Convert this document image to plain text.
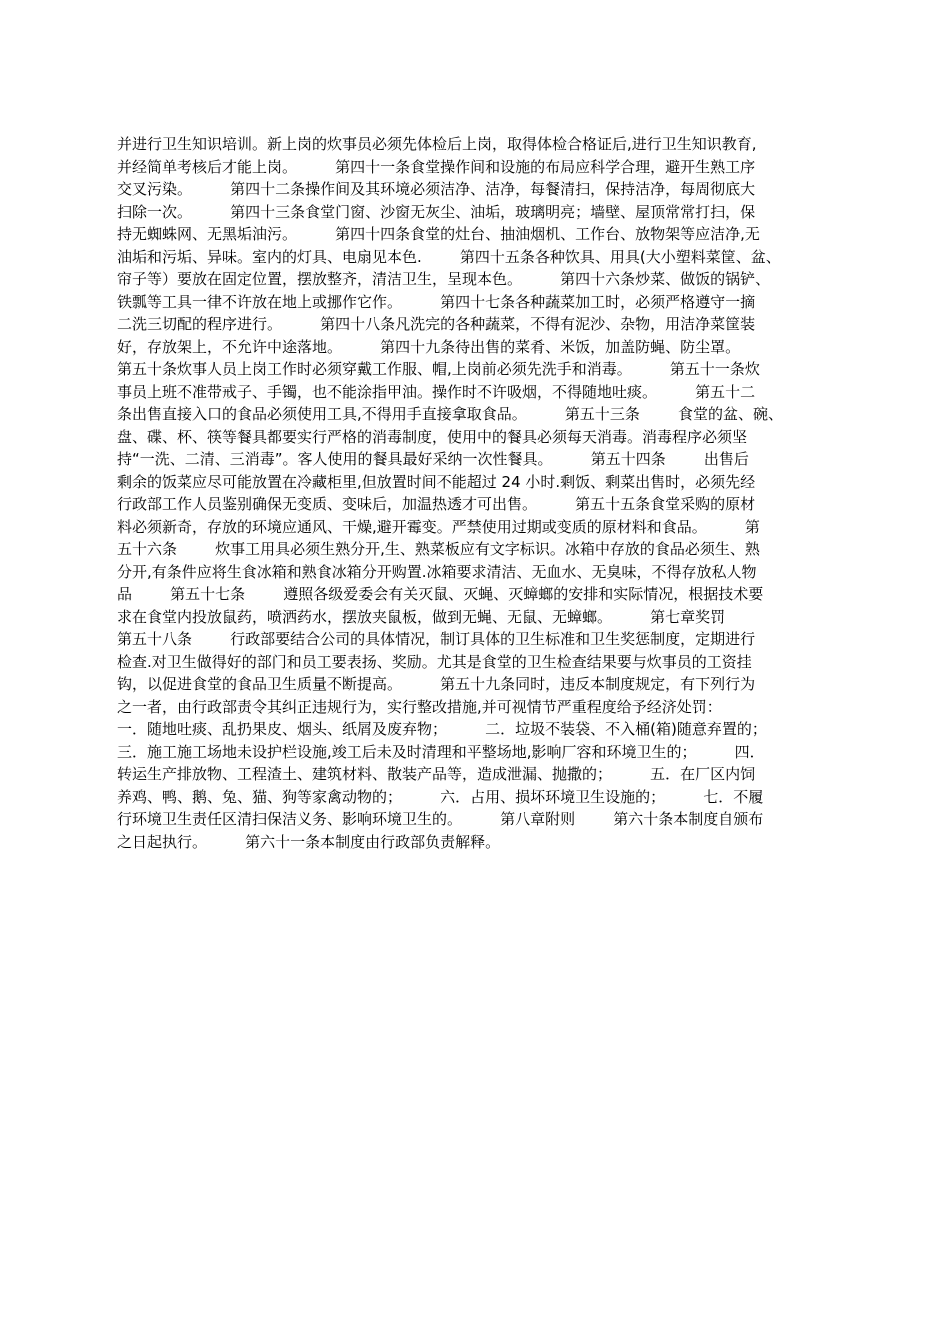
并进行卫生知识培训。新上岗的炊事员必须先体检后上岗，取得体检合格证后,进行卫生知识教育,
并经简单考核后才能上岗。        第四十一条食堂操作间和设施的布局应科学合理，避开生熟工序
交叉污染。        第四十二条操作间及其环境必须洁净、洁净，每餐清扫，保持洁净，每周彻底大
扫除一次。        第四十三条食堂门窗、沙窗无灰尘、油垢，玻璃明亮；墙壁、屋顶常常打扫，保
持无蜘蛛网、无黑垢油污。        第四十四条食堂的灶台、抽油烟机、工作台、放物架等应洁净,无
油垢和污垢、异味。室内的灯具、电扇见本色.        第四十五条各种饮具、用具(大小塑料菜筐、盆、
帘子等）要放在固定位置，摆放整齐，清洁卫生，呈现本色。        第四十六条炒菜、做饭的锅铲、
铁瓢等工具一律不许放在地上或挪作它作。        第四十七条各种蔬菜加工时，必须严格遵守一摘
二洗三切配的程序进行。        第四十八条凡洗完的各种蔬菜，不得有泥沙、杂物，用洁净菜筐装
好，存放架上，不允许中途落地。        第四十九条待出售的菜肴、米饭，加盖防蝇、防尘罩。
第五十条炊事人员上岗工作时必须穿戴工作服、帽,上岗前必须先洗手和消毒。        第五十一条炊
事员上班不准带戒子、手镯，也不能涂指甲油。操作时不许吸烟，不得随地吐痰。        第五十二
条出售直接入口的食品必须使用工具,不得用手直接拿取食品。        第五十三条        食堂的盆、碗、
盘、碟、杯、筷等餐具都要实行严格的消毒制度，使用中的餐具必须每天消毒。消毒程序必须坚
持“一洗、二清、三消毒”。客人使用的餐具最好采纳一次性餐具。        第五十四条        出售后
剩余的饭菜应尽可能放置在冷藏柜里,但放置时间不能超过 24 小时.剩饭、剩菜出售时，必须先经
行政部工作人员鉴别确保无变质、变味后，加温热透才可出售。        第五十五条食堂采购的原材
料必须新奇，存放的环境应通风、干燥,避开霉变。严禁使用过期或变质的原材料和食品。        第
五十六条        炊事工用具必须生熟分开,生、熟菜板应有文字标识。冰箱中存放的食品必须生、熟
分开,有条件应将生食冰箱和熟食冰箱分开购置.冰箱要求清洁、无血水、无臭味，不得存放私人物
品        第五十七条        遵照各级爱委会有关灭鼠、灭蝇、灭蟑螂的安排和实际情况，根据技术要
求在食堂内投放鼠药，喷洒药水，摆放夹鼠板，做到无蝇、无鼠、无蟑螂。        第七章奖罚
第五十八条        行政部要结合公司的具体情况，制订具体的卫生标准和卫生奖惩制度，定期进行
检查.对卫生做得好的部门和员工要表扬、奖励。尤其是食堂的卫生检查结果要与炊事员的工资挂
钩，以促进食堂的食品卫生质量不断提高。        第五十九条同时，违反本制度规定，有下列行为
之一者，由行政部责令其纠正违规行为，实行整改措施,并可视情节严重程度给予经济处罚：
一．随地吐痰、乱扔果皮、烟头、纸屑及废弃物；        二．垃圾不装袋、不入桶(箱)随意弃置的；
三．施工施工场地未设护栏设施,竣工后未及时清理和平整场地,影响厂容和环境卫生的；        四．
转运生产排放物、工程渣土、建筑材料、散装产品等，造成泄漏、抛撒的；        五．在厂区内饲
养鸡、鸭、鹅、兔、猫、狗等家禽动物的；        六．占用、损坏环境卫生设施的；        七．不履
行环境卫生责任区清扫保洁义务、影响环境卫生的。        第八章附则        第六十条本制度自颁布
之日起执行。        第六十一条本制度由行政部负责解释。
